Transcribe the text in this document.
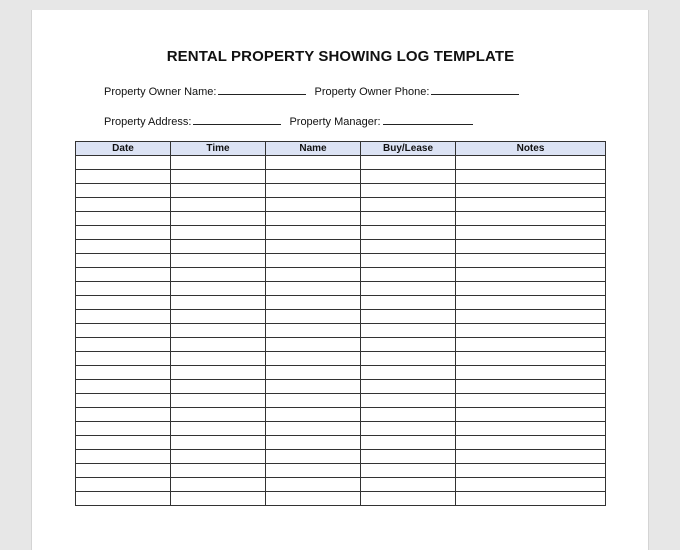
RENTAL PROPERTY SHOWING LOG TEMPLATE
Property Owner Name:	Property Owner Phone:
Property Address:	Property Manager:
Date	Time	Name	Buy/Lease	Notes
